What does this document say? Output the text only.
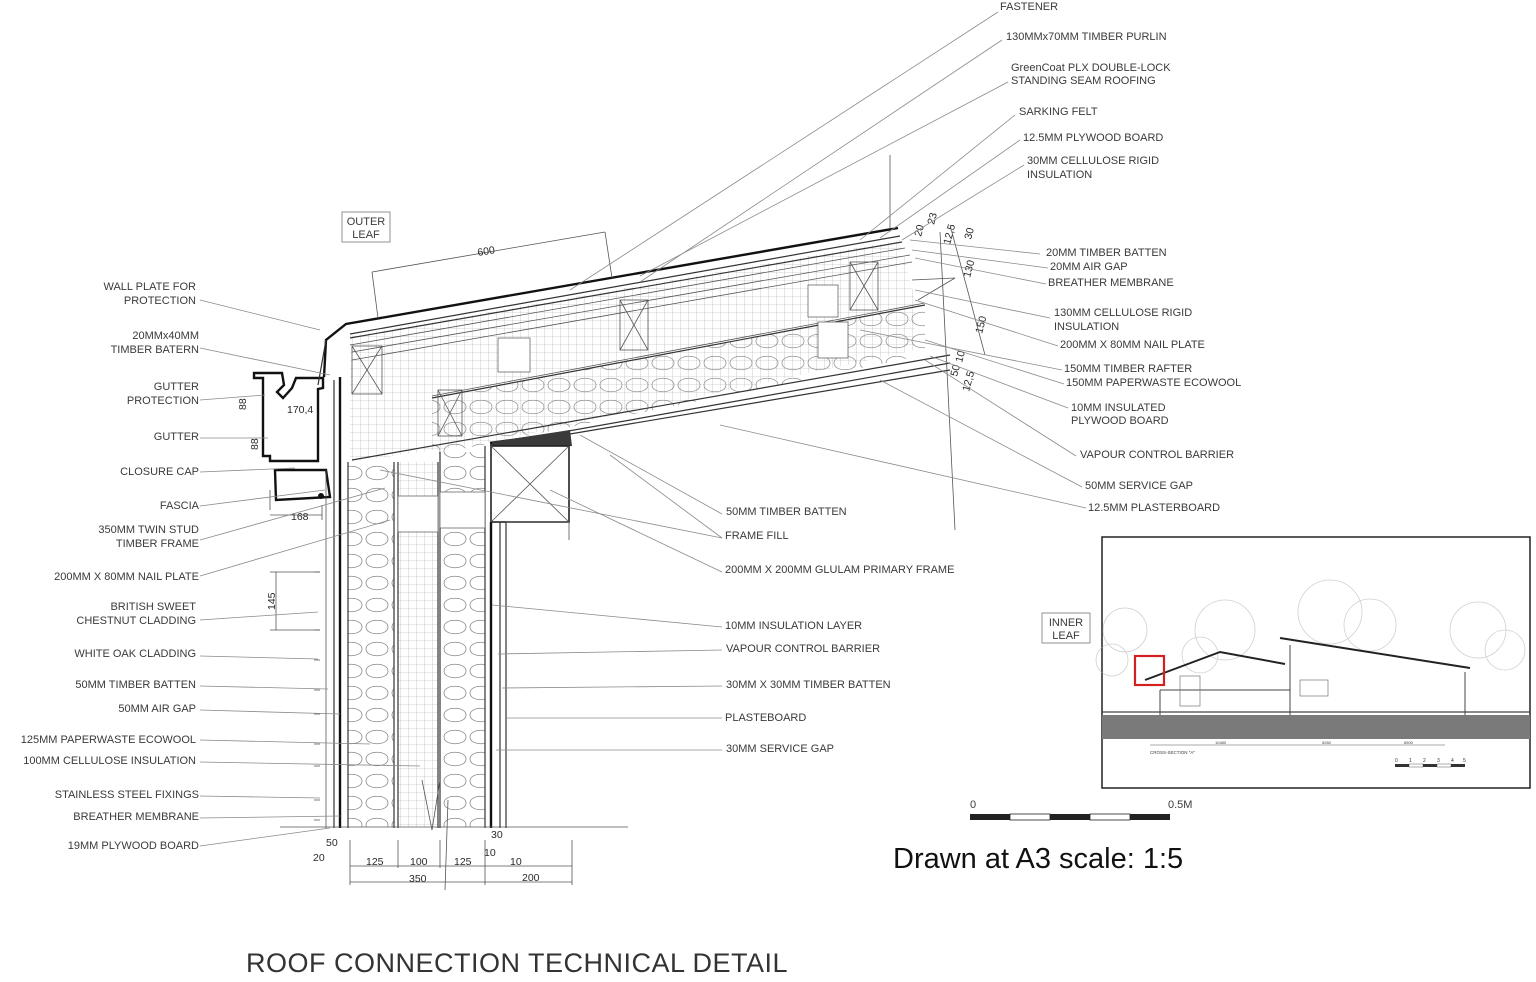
0	0.5M
Drawn at A3 scale: 1:5
ROOF CONNECTION TECHNICAL DETAIL
OUTER
LEAF
INNER
LEAF
10480	5260	6500
CROSS-SECTION "A"
0 1 2 3 4 5
600
170,4
88
88
168
145
23
20 12,5 30
130
150
10
50
12,5
50
20	125	100	125
350
30
10
10
200
WALL PLATE FOR PROTECTION
20MMx40MM TIMBER BATERN
GUTTER PROTECTION
GUTTER
CLOSURE CAP
FASCIA
350MM TWIN STUD TIMBER FRAME
200MM X 80MM NAIL PLATE
BRITISH SWEET CHESTNUT CLADDING
WHITE OAK CLADDING
50MM TIMBER BATTEN
50MM AIR GAP
125MM PAPERWASTE ECOWOOL
100MM CELLULOSE INSULATION
STAINLESS STEEL FIXINGS
BREATHER MEMBRANE
19MM PLYWOOD BOARD
FASTENER
130MMx70MM TIMBER PURLIN
GreenCoat PLX DOUBLE-LOCK STANDING SEAM ROOFING
SARKING FELT
12.5MM PLYWOOD BOARD
30MM CELLULOSE RIGID INSULATION
20MM TIMBER BATTEN
20MM AIR GAP
BREATHER MEMBRANE
130MM CELLULOSE RIGID INSULATION
200MM X 80MM NAIL PLATE
150MM TIMBER RAFTER
150MM PAPERWASTE ECOWOOL
10MM INSULATED PLYWOOD BOARD
VAPOUR CONTROL BARRIER
50MM SERVICE GAP
12.5MM PLASTERBOARD
50MM TIMBER BATTEN
FRAME FILL
200MM X 200MM GLULAM PRIMARY FRAME
10MM INSULATION LAYER
VAPOUR CONTROL BARRIER
30MM X 30MM TIMBER BATTEN
PLASTEBOARD
30MM SERVICE GAP
